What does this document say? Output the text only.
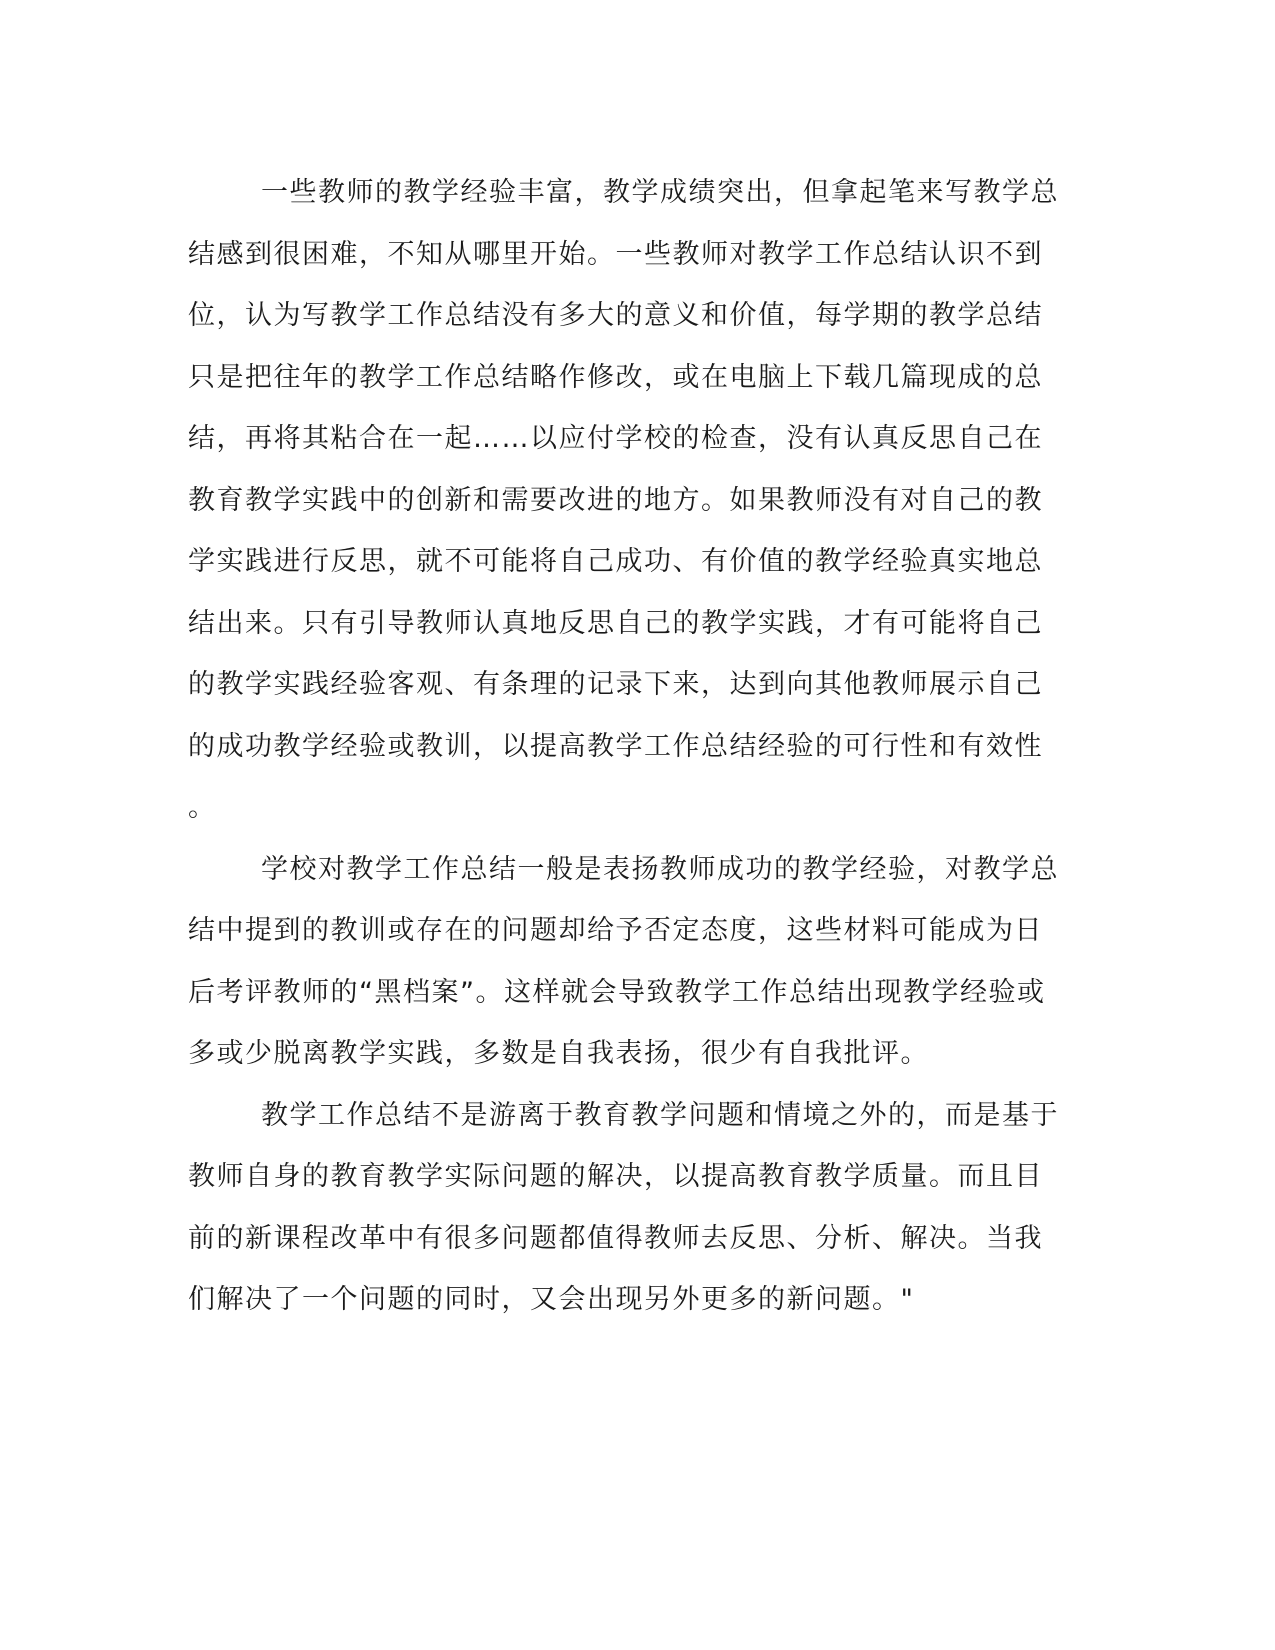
一些教师的教学经验丰富，教学成绩突出，但拿起笔来写教学总
结感到很困难，不知从哪里开始。一些教师对教学工作总结认识不到
位，认为写教学工作总结没有多大的意义和价值，每学期的教学总结
只是把往年的教学工作总结略作修改，或在电脑上下载几篇现成的总
结，再将其粘合在一起……以应付学校的检查，没有认真反思自己在
教育教学实践中的创新和需要改进的地方。如果教师没有对自己的教
学实践进行反思，就不可能将自己成功、有价值的教学经验真实地总
结出来。只有引导教师认真地反思自己的教学实践，才有可能将自己
的教学实践经验客观、有条理的记录下来，达到向其他教师展示自己
的成功教学经验或教训，以提高教学工作总结经验的可行性和有效性
。
学校对教学工作总结一般是表扬教师成功的教学经验，对教学总
结中提到的教训或存在的问题却给予否定态度，这些材料可能成为日
后考评教师的“黑档案”。这样就会导致教学工作总结出现教学经验或
多或少脱离教学实践，多数是自我表扬，很少有自我批评。
教学工作总结不是游离于教育教学问题和情境之外的，而是基于
教师自身的教育教学实际问题的解决，以提高教育教学质量。而且目
前的新课程改革中有很多问题都值得教师去反思、分析、解决。当我
们解决了一个问题的同时，又会出现另外更多的新问题。"
